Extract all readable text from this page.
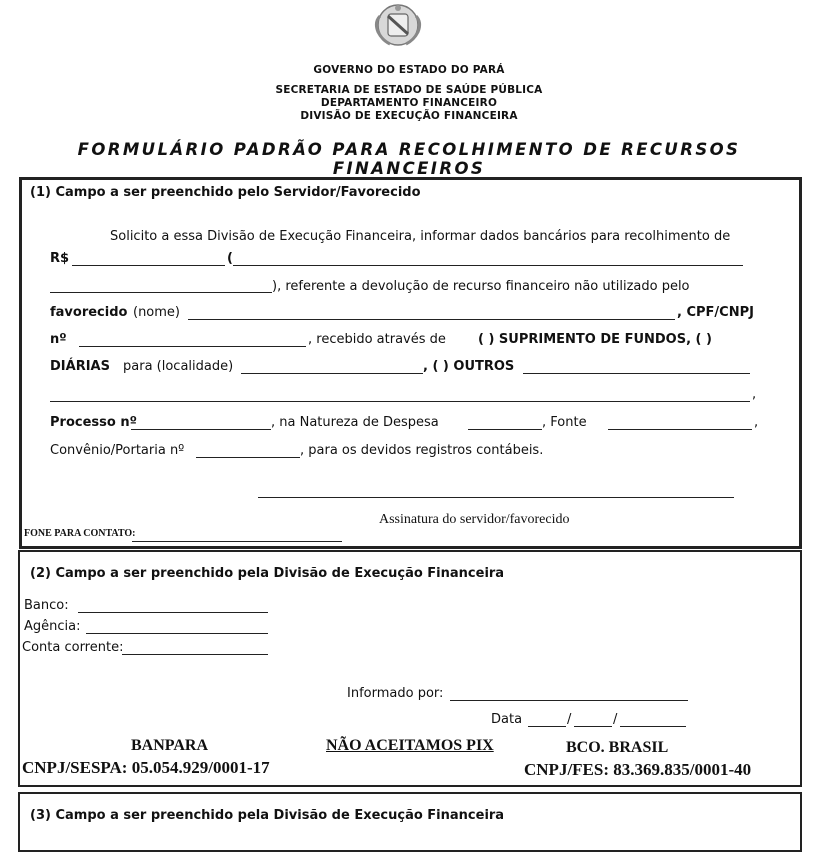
GOVERNO DO ESTADO DO PARÁ
SECRETARIA DE ESTADO DE SAÚDE PÚBLICA
DEPARTAMENTO FINANCEIRO
DIVISÃO DE EXECUÇÃO FINANCEIRA
FORMULÁRIO PADRÃO PARA RECOLHIMENTO DE RECURSOS FINANCEIROS
(1) Campo a ser preenchido pelo Servidor/Favorecido
Solicito a essa Divisão de Execução Financeira, informar dados bancários para recolhimento de
R$	(
), referente a devolução de recurso financeiro não utilizado pelo
favorecido (nome)	, CPF/CNPJ
nº	, recebido através de ( ) SUPRIMENTO DE FUNDOS, ( )
DIÁRIAS para (localidade)	, ( ) OUTROS
,
Processo nº	, na Natureza de Despesa	, Fonte	,
Convênio/Portaria nº	, para os devidos registros contábeis.
Assinatura do servidor/favorecido
FONE PARA CONTATO:
(2) Campo a ser preenchido pela Divisão de Execução Financeira
Banco:
Agência:
Conta corrente:
Informado por:
Data	/	/
BANPARA	NÃO ACEITAMOS PIX	BCO. BRASIL
CNPJ/SESPA: 05.054.929/0001-17	CNPJ/FES: 83.369.835/0001-40
(3) Campo a ser preenchido pela Divisão de Execução Financeira
